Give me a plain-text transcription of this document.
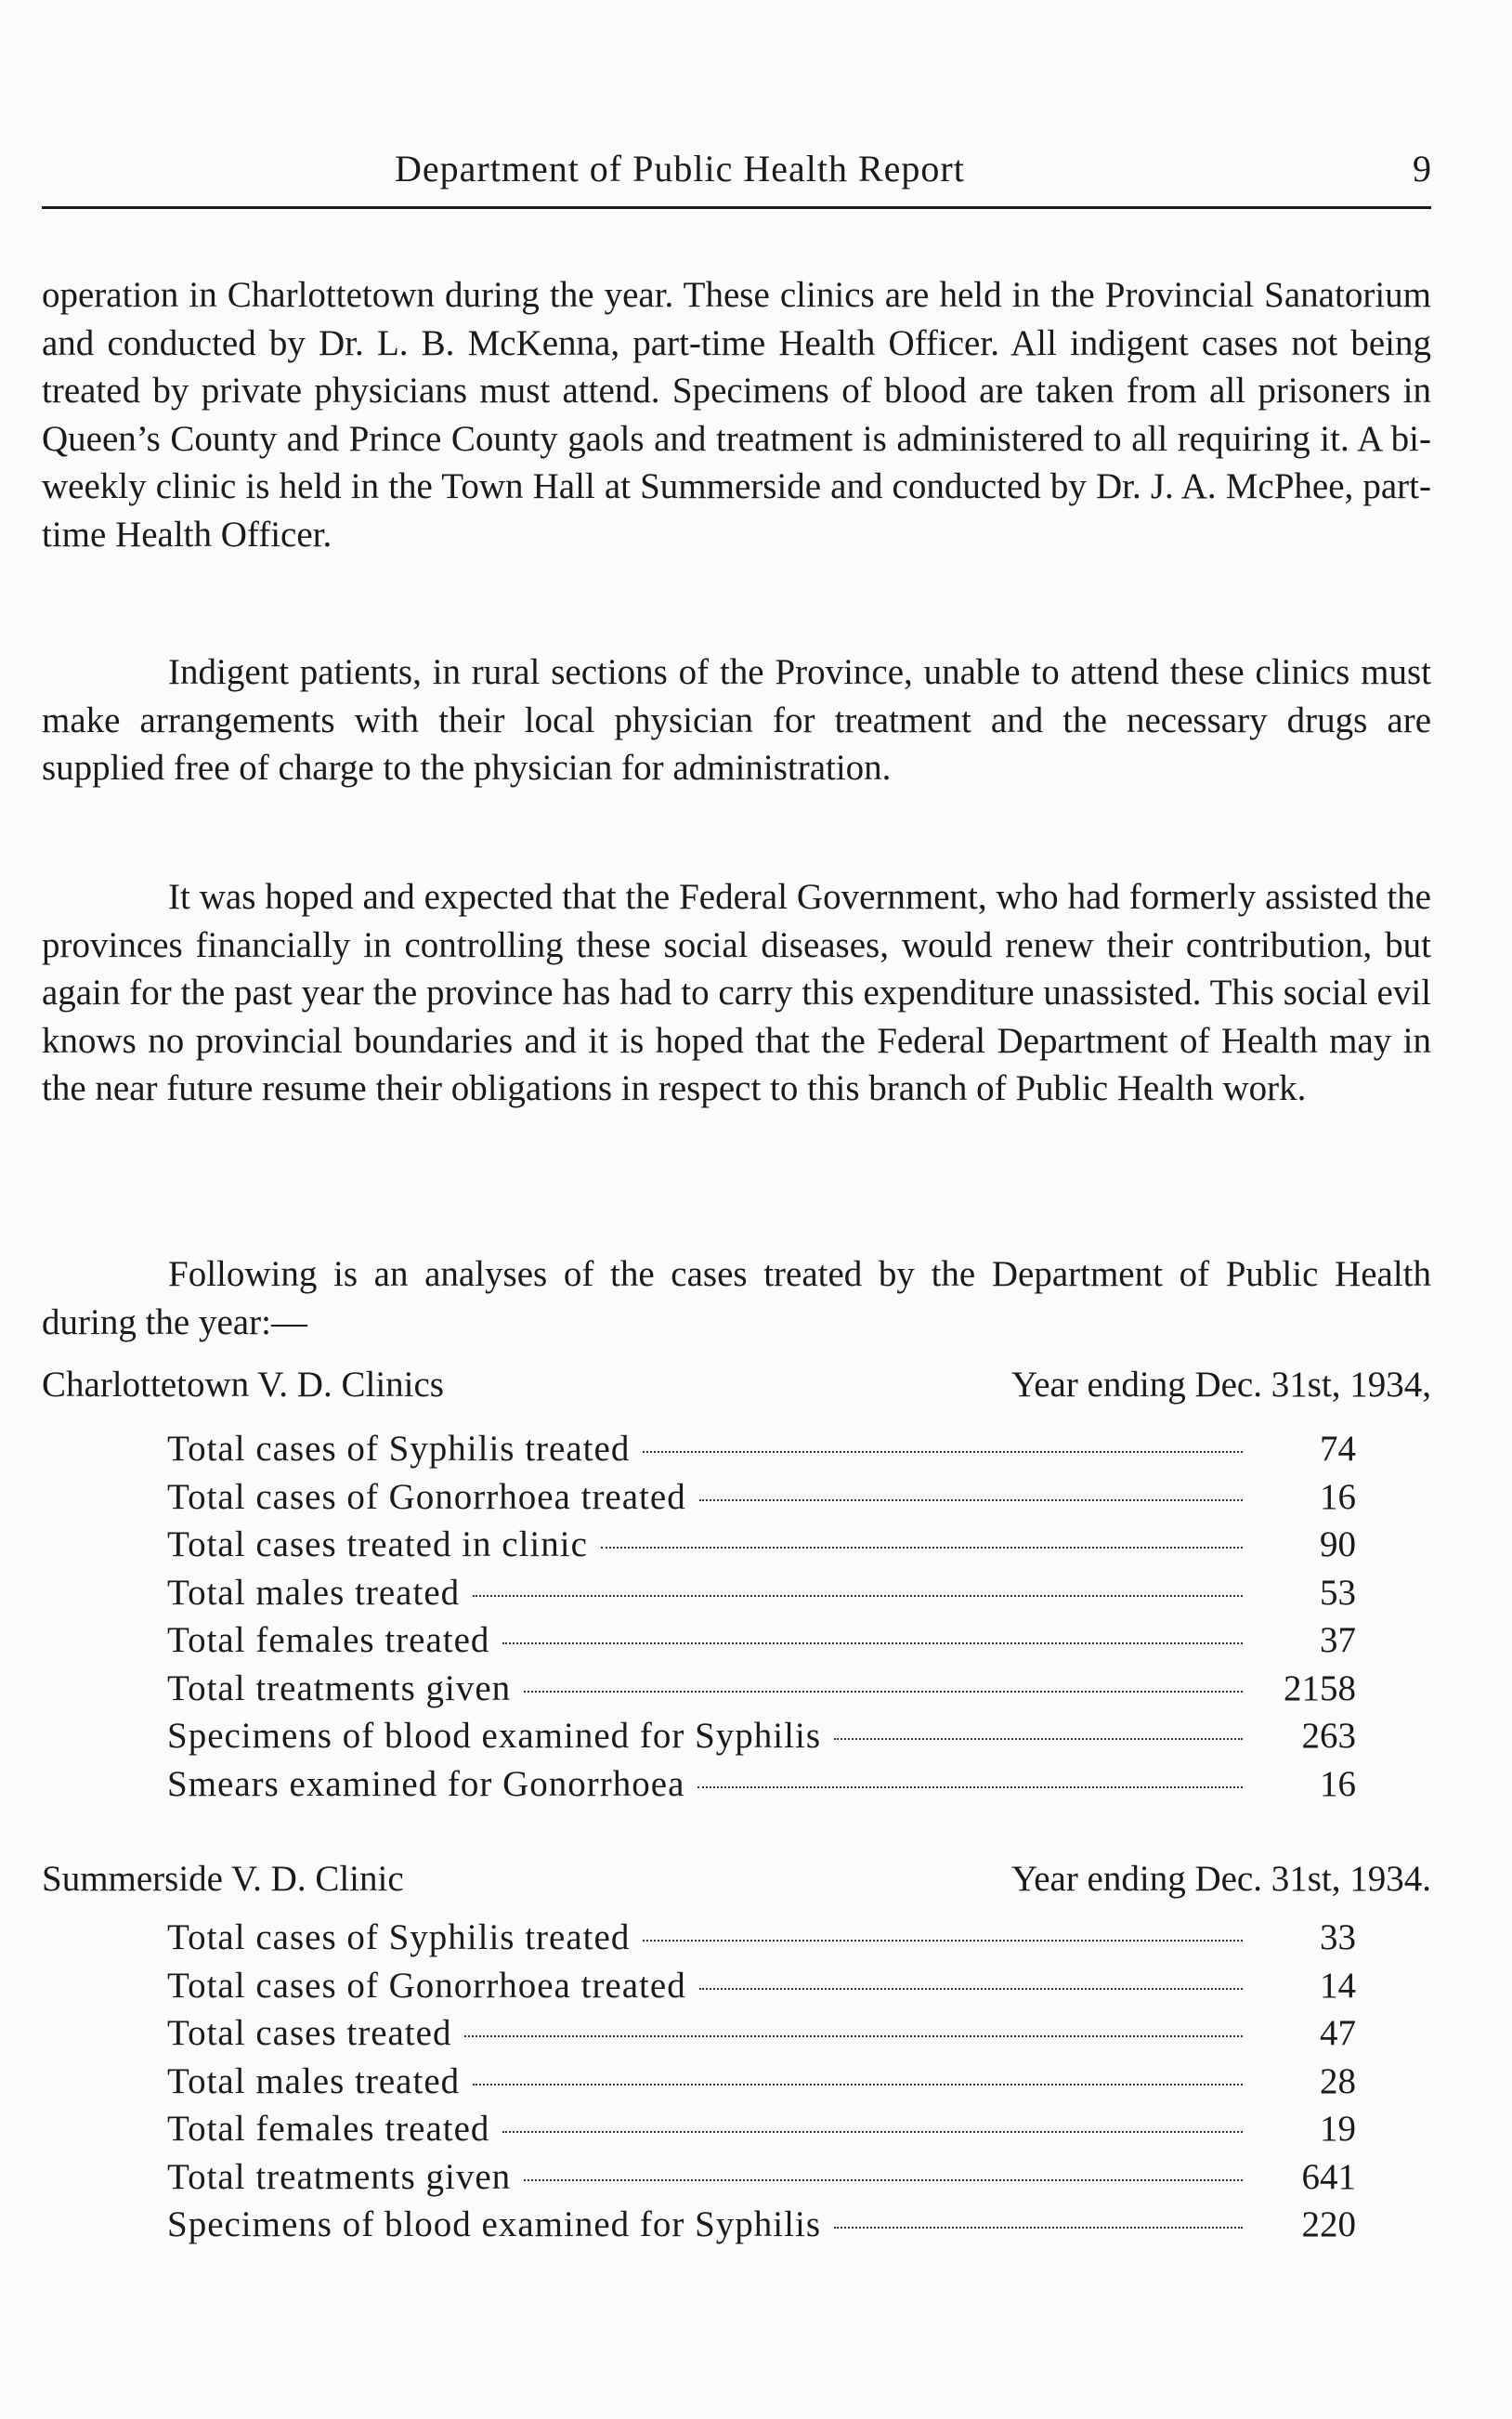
Department of Public Health Report	9

operation in Charlottetown during the year. These clinics are held in the Provincial Sanatorium and conducted by Dr. L. B. McKenna, part-time Health Officer. All indigent cases not being treated by private physicians must attend. Specimens of blood are taken from all prisoners in Queen’s County and Prince County gaols and treatment is administered to all requiring it. A bi-weekly clinic is held in the Town Hall at Summerside and conducted by Dr. J. A. McPhee, part-time Health Officer.

Indigent patients, in rural sections of the Province, unable to attend these clinics must make arrangements with their local physician for treatment and the necessary drugs are supplied free of charge to the physician for administration.

It was hoped and expected that the Federal Government, who had formerly assisted the provinces financially in controlling these social diseases, would renew their contribution, but again for the past year the province has had to carry this expenditure unassisted. This social evil knows no provincial boundaries and it is hoped that the Federal Department of Health may in the near future resume their obligations in respect to this branch of Public Health work.

Following is an analyses of the cases treated by the Department of Public Health during the year:—

Charlottetown V. D. Clinics	Year ending Dec. 31st, 1934,
Total cases of Syphilis treated	74
Total cases of Gonorrhoea treated	16
Total cases treated in clinic	90
Total males treated	53
Total females treated	37
Total treatments given	2158
Specimens of blood examined for Syphilis	263
Smears examined for Gonorrhoea	16
Summerside V. D. Clinic	Year ending Dec. 31st, 1934.
Total cases of Syphilis treated	33
Total cases of Gonorrhoea treated	14
Total cases treated	47
Total males treated	28
Total females treated	19
Total treatments given	641
Specimens of blood examined for Syphilis	220
